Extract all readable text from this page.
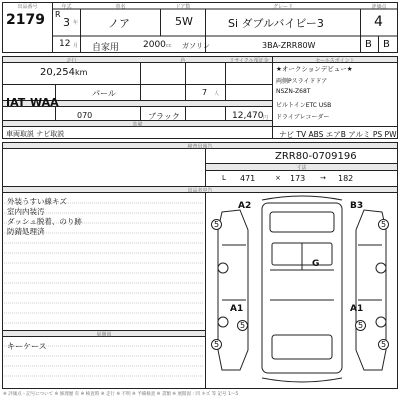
出品番号	年式	車名	ドア数	グレード	評価点
2179 R
3 年
12 月
ノア	5W	Si ダブルバイビー3	4
自家用	2000 cc ガソリン	3BA-ZRR80W	B B
走行	色	リサイクル預託金	セールスポイント
20,254 km
IAT WAA
パール	7 人
070	ブラック	12,470 円
装備
車両取説 ナビ取説
★オークションデビュー★
両側Pスライドドア
NSZN-Z68T
ビルトインETC USB
ドライブレコーダー
ナビ TV ABS エアB アルミ PS PW
検査員報告
ZRR80-0709196
寸法
471	173	182
L	×	→
出品者申告
外装うすい線キズ
室内内装汚
ダッシュ脱着、のり跡
防錆処理済
展開図
キーケース
A2	B3
G
A1	A1
5	5
5	5
5	5
※ 評価点・記号について ※ 修理歴 有 ※ 検査時 ※ 走行 ※ 不明 ※ 予備検査 ※ 書類 ※ 展開図 : 凹 キズ 等 記号 1〜5
